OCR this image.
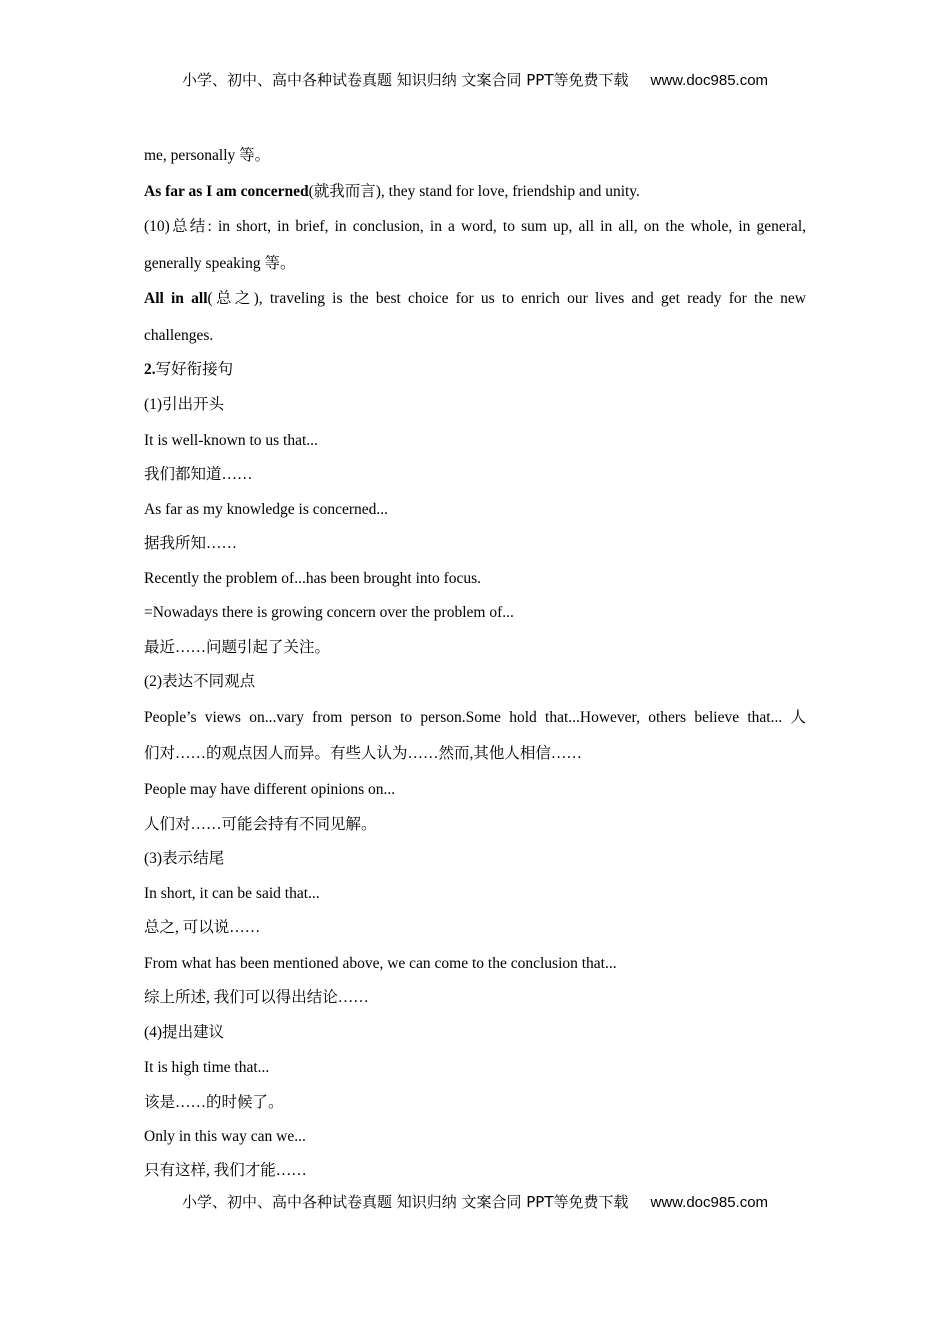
小学、初中、高中各种试卷真题 知识归纳 文案合同 PPT等免费下载 www.doc985.com
me, personally 等。
As far as I am concerned(就我而言), they stand for love, friendship and unity.
(10)总结: in short, in brief, in conclusion, in a word, to sum up, all in all, on the whole, in general,
generally speaking 等。
All in all(总之), traveling is the best choice for us to enrich our lives and get ready for the new
challenges.
2.写好衔接句
(1)引出开头
It is well-known to us that...
我们都知道……
As far as my knowledge is concerned...
据我所知……
Recently the problem of...has been brought into focus.
=Nowadays there is growing concern over the problem of...
最近……问题引起了关注。
(2)表达不同观点
People’s views on...vary from person to person.Some hold that...However, others believe that... 人
们对……的观点因人而异。有些人认为……然而,其他人相信……
People may have different opinions on...
人们对……可能会持有不同见解。
(3)表示结尾
In short, it can be said that...
总之, 可以说……
From what has been mentioned above, we can come to the conclusion that...
综上所述, 我们可以得出结论……
(4)提出建议
It is high time that...
该是……的时候了。
Only in this way can we...
只有这样, 我们才能……
小学、初中、高中各种试卷真题 知识归纳 文案合同 PPT等免费下载 www.doc985.com
